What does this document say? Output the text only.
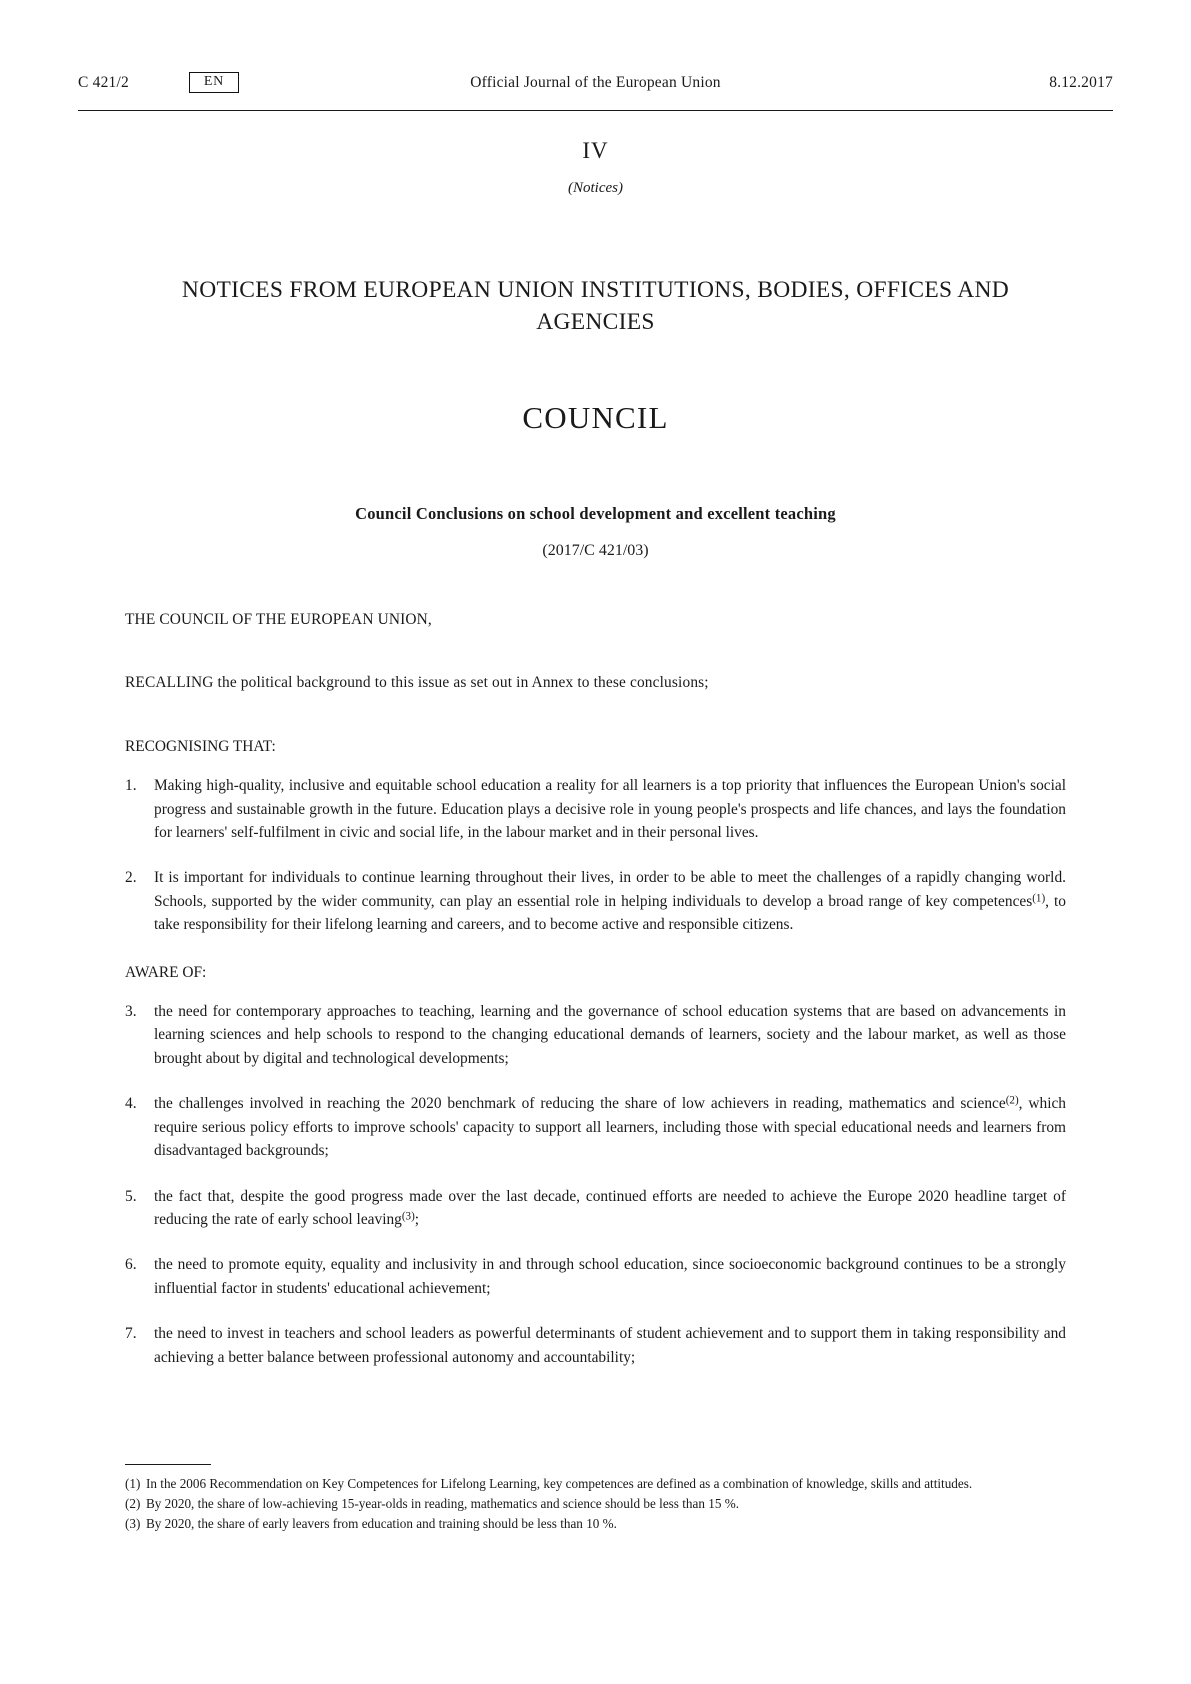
C 421/2	EN	Official Journal of the European Union	8.12.2017
IV
(Notices)
NOTICES FROM EUROPEAN UNION INSTITUTIONS, BODIES, OFFICES AND AGENCIES
COUNCIL
Council Conclusions on school development and excellent teaching
(2017/C 421/03)

THE COUNCIL OF THE EUROPEAN UNION,

RECALLING the political background to this issue as set out in Annex to these conclusions;

RECOGNISING THAT:

1. Making high-quality, inclusive and equitable school education a reality for all learners is a top priority that influences the European Union's social progress and sustainable growth in the future. Education plays a decisive role in young people's prospects and life chances, and lays the foundation for learners' self-fulfilment in civic and social life, in the labour market and in their personal lives.
2. It is important for individuals to continue learning throughout their lives, in order to be able to meet the challenges of a rapidly changing world. Schools, supported by the wider community, can play an essential role in helping individuals to develop a broad range of key competences$^{(1)}$, to take responsibility for their lifelong learning and careers, and to become active and responsible citizens.

AWARE OF:

3. the need for contemporary approaches to teaching, learning and the governance of school education systems that are based on advancements in learning sciences and help schools to respond to the changing educational demands of learners, society and the labour market, as well as those brought about by digital and technological developments;
4. the challenges involved in reaching the 2020 benchmark of reducing the share of low achievers in reading, mathematics and science$^{(2)}$, which require serious policy efforts to improve schools' capacity to support all learners, including those with special educational needs and learners from disadvantaged backgrounds;
5. the fact that, despite the good progress made over the last decade, continued efforts are needed to achieve the Europe 2020 headline target of reducing the rate of early school leaving$^{(3)}$;
6. the need to promote equity, equality and inclusivity in and through school education, since socioeconomic background continues to be a strongly influential factor in students' educational achievement;
7. the need to invest in teachers and school leaders as powerful determinants of student achievement and to support them in taking responsibility and achieving a better balance between professional autonomy and accountability;
(1) In the 2006 Recommendation on Key Competences for Lifelong Learning, key competences are defined as a combination of knowledge, skills and attitudes.
(2) By 2020, the share of low-achieving 15-year-olds in reading, mathematics and science should be less than 15 %.
(3) By 2020, the share of early leavers from education and training should be less than 10 %.
